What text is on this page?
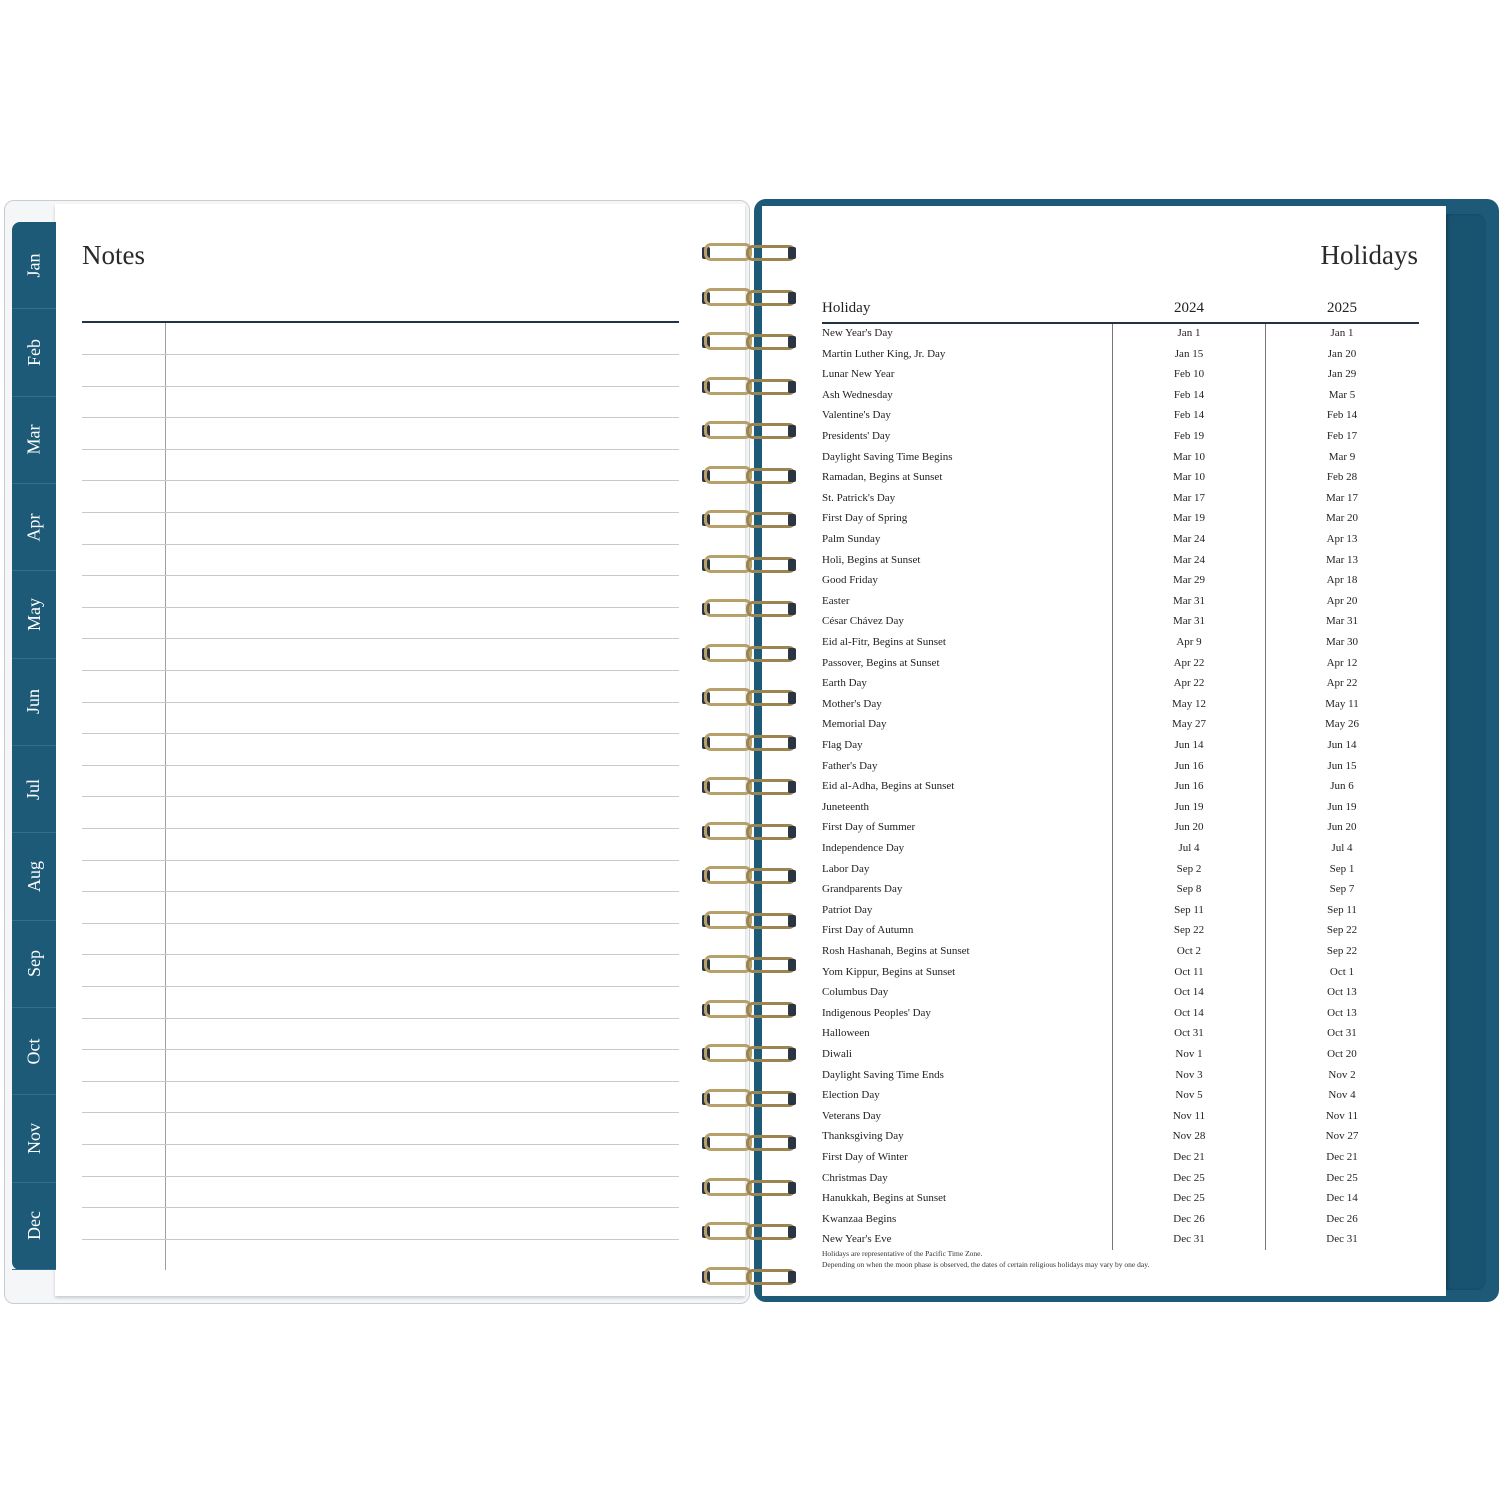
Jan
Feb
Mar
Apr
May
Jun
Jul
Aug
Sep
Oct
Nov
Dec
Notes	Holidays
Holiday	2024	2025
New Year's Day	Jan 1	Jan 1
Martin Luther King, Jr. Day	Jan 15	Jan 20
Lunar New Year	Feb 10	Jan 29
Ash Wednesday	Feb 14	Mar 5
Valentine's Day	Feb 14	Feb 14
Presidents' Day	Feb 19	Feb 17
Daylight Saving Time Begins	Mar 10	Mar 9
Ramadan, Begins at Sunset	Mar 10	Feb 28
St. Patrick's Day	Mar 17	Mar 17
First Day of Spring	Mar 19	Mar 20
Palm Sunday	Mar 24	Apr 13
Holi, Begins at Sunset	Mar 24	Mar 13
Good Friday	Mar 29	Apr 18
Easter	Mar 31	Apr 20
César Chávez Day	Mar 31	Mar 31
Eid al-Fitr, Begins at Sunset	Apr 9	Mar 30
Passover, Begins at Sunset	Apr 22	Apr 12
Earth Day	Apr 22	Apr 22
Mother's Day	May 12	May 11
Memorial Day	May 27	May 26
Flag Day	Jun 14	Jun 14
Father's Day	Jun 16	Jun 15
Eid al-Adha, Begins at Sunset	Jun 16	Jun 6
Juneteenth	Jun 19	Jun 19
First Day of Summer	Jun 20	Jun 20
Independence Day	Jul 4	Jul 4
Labor Day	Sep 2	Sep 1
Grandparents Day	Sep 8	Sep 7
Patriot Day	Sep 11	Sep 11
First Day of Autumn	Sep 22	Sep 22
Rosh Hashanah, Begins at Sunset	Oct 2	Sep 22
Yom Kippur, Begins at Sunset	Oct 11	Oct 1
Columbus Day	Oct 14	Oct 13
Indigenous Peoples' Day	Oct 14	Oct 13
Halloween	Oct 31	Oct 31
Diwali	Nov 1	Oct 20
Daylight Saving Time Ends	Nov 3	Nov 2
Election Day	Nov 5	Nov 4
Veterans Day	Nov 11	Nov 11
Thanksgiving Day	Nov 28	Nov 27
First Day of Winter	Dec 21	Dec 21
Christmas Day	Dec 25	Dec 25
Hanukkah, Begins at Sunset	Dec 25	Dec 14
Kwanzaa Begins	Dec 26	Dec 26
New Year's Eve	Dec 31	Dec 31
Holidays are representative of the Pacific Time Zone.
Depending on when the moon phase is observed, the dates of certain religious holidays may vary by one day.
